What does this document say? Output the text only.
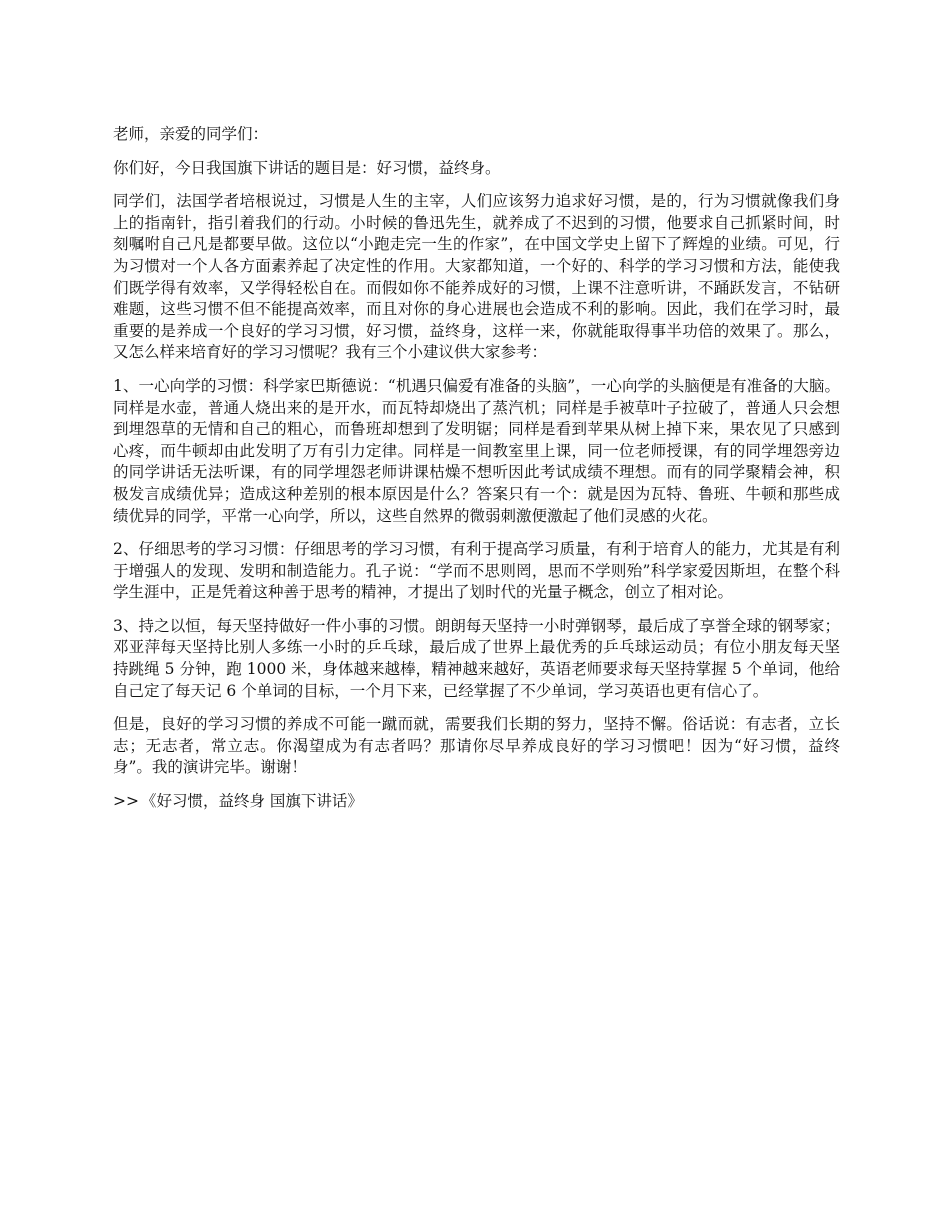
老师，亲爱的同学们：

你们好，今日我国旗下讲话的题目是：好习惯，益终身。

同学们，法国学者培根说过，习惯是人生的主宰，人们应该努力追求好习惯，是的，行为习惯就像我们身上的指南针，指引着我们的行动。小时候的鲁迅先生，就养成了不迟到的习惯，他要求自己抓紧时间，时刻嘱咐自己凡是都要早做。这位以“小跑走完一生的作家”，在中国文学史上留下了辉煌的业绩。可见，行为习惯对一个人各方面素养起了决定性的作用。大家都知道，一个好的、科学的学习习惯和方法，能使我们既学得有效率，又学得轻松自在。而假如你不能养成好的习惯，上课不注意听讲，不踊跃发言，不钻研难题，这些习惯不但不能提高效率，而且对你的身心进展也会造成不利的影响。因此，我们在学习时，最重要的是养成一个良好的学习习惯，好习惯，益终身，这样一来，你就能取得事半功倍的效果了。那么，又怎么样来培育好的学习习惯呢？我有三个小建议供大家参考：

1、一心向学的习惯：科学家巴斯德说：“机遇只偏爱有准备的头脑”，一心向学的头脑便是有准备的大脑。同样是水壶，普通人烧出来的是开水，而瓦特却烧出了蒸汽机；同样是手被草叶子拉破了，普通人只会想到埋怨草的无情和自己的粗心，而鲁班却想到了发明锯；同样是看到苹果从树上掉下来，果农见了只感到心疼，而牛顿却由此发明了万有引力定律。同样是一间教室里上课，同一位老师授课，有的同学埋怨旁边的同学讲话无法听课，有的同学埋怨老师讲课枯燥不想听因此考试成绩不理想。而有的同学聚精会神，积极发言成绩优异；造成这种差别的根本原因是什么？答案只有一个：就是因为瓦特、鲁班、牛顿和那些成绩优异的同学，平常一心向学，所以，这些自然界的微弱刺激便激起了他们灵感的火花。

2、仔细思考的学习习惯：仔细思考的学习习惯，有利于提高学习质量，有利于培育人的能力，尤其是有利于增强人的发现、发明和制造能力。孔子说：“学而不思则罔，思而不学则殆”科学家爱因斯坦，在整个科学生涯中，正是凭着这种善于思考的精神，才提出了划时代的光量子概念，创立了相对论。

3、持之以恒，每天坚持做好一件小事的习惯。朗朗每天坚持一小时弹钢琴，最后成了享誉全球的钢琴家；邓亚萍每天坚持比别人多练一小时的乒乓球，最后成了世界上最优秀的乒乓球运动员；有位小朋友每天坚持跳绳 5 分钟，跑 1000 米，身体越来越棒，精神越来越好，英语老师要求每天坚持掌握 5 个单词，他给自己定了每天记 6 个单词的目标，一个月下来，已经掌握了不少单词，学习英语也更有信心了。

但是，良好的学习习惯的养成不可能一蹴而就，需要我们长期的努力，坚持不懈。俗话说：有志者，立长志；无志者，常立志。你渴望成为有志者吗？那请你尽早养成良好的学习习惯吧！因为“好习惯，益终身”。我的演讲完毕。谢谢！

>> 《好习惯，益终身 国旗下讲话》
